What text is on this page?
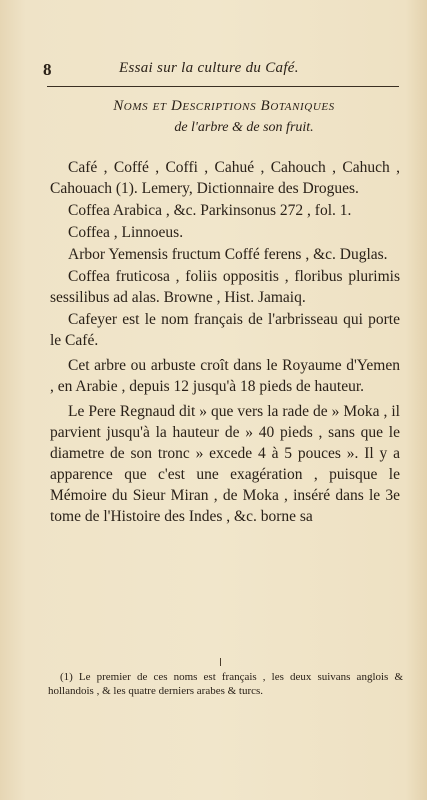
8	Essai sur la culture du Café.
Noms et Descriptions Botaniques
de l'arbre & de son fruit.

Café , Coffé , Coffi , Cahué , Cahouch , Cahuch , Cahouach (1). Lemery, Dictionnaire des Drogues.

Coffea Arabica , &c. Parkinsonus 272 , fol. 1.

Coffea , Linnoeus.

Arbor Yemensis fructum Coffé ferens , &c. Duglas.

Coffea fruticosa , foliis oppositis , floribus plurimis sessilibus ad alas. Browne , Hist. Jamaiq.

Cafeyer est le nom français de l'arbrisseau qui porte le Café.

Cet arbre ou arbuste croît dans le Royaume d'Yemen , en Arabie , depuis 12 jusqu'à 18 pieds de hauteur.

Le Pere Regnaud dit » que vers la rade de » Moka , il parvient jusqu'à la hauteur de » 40 pieds , sans que le diametre de son tronc » excede 4 à 5 pouces ». Il y a apparence que c'est une exagération , puisque le Mémoire du Sieur Miran , de Moka , inséré dans le 3e tome de l'Histoire des Indes , &c. borne sa

(1) Le premier de ces noms est français , les deux suivans anglois & hollandois , & les quatre derniers arabes & turcs.
